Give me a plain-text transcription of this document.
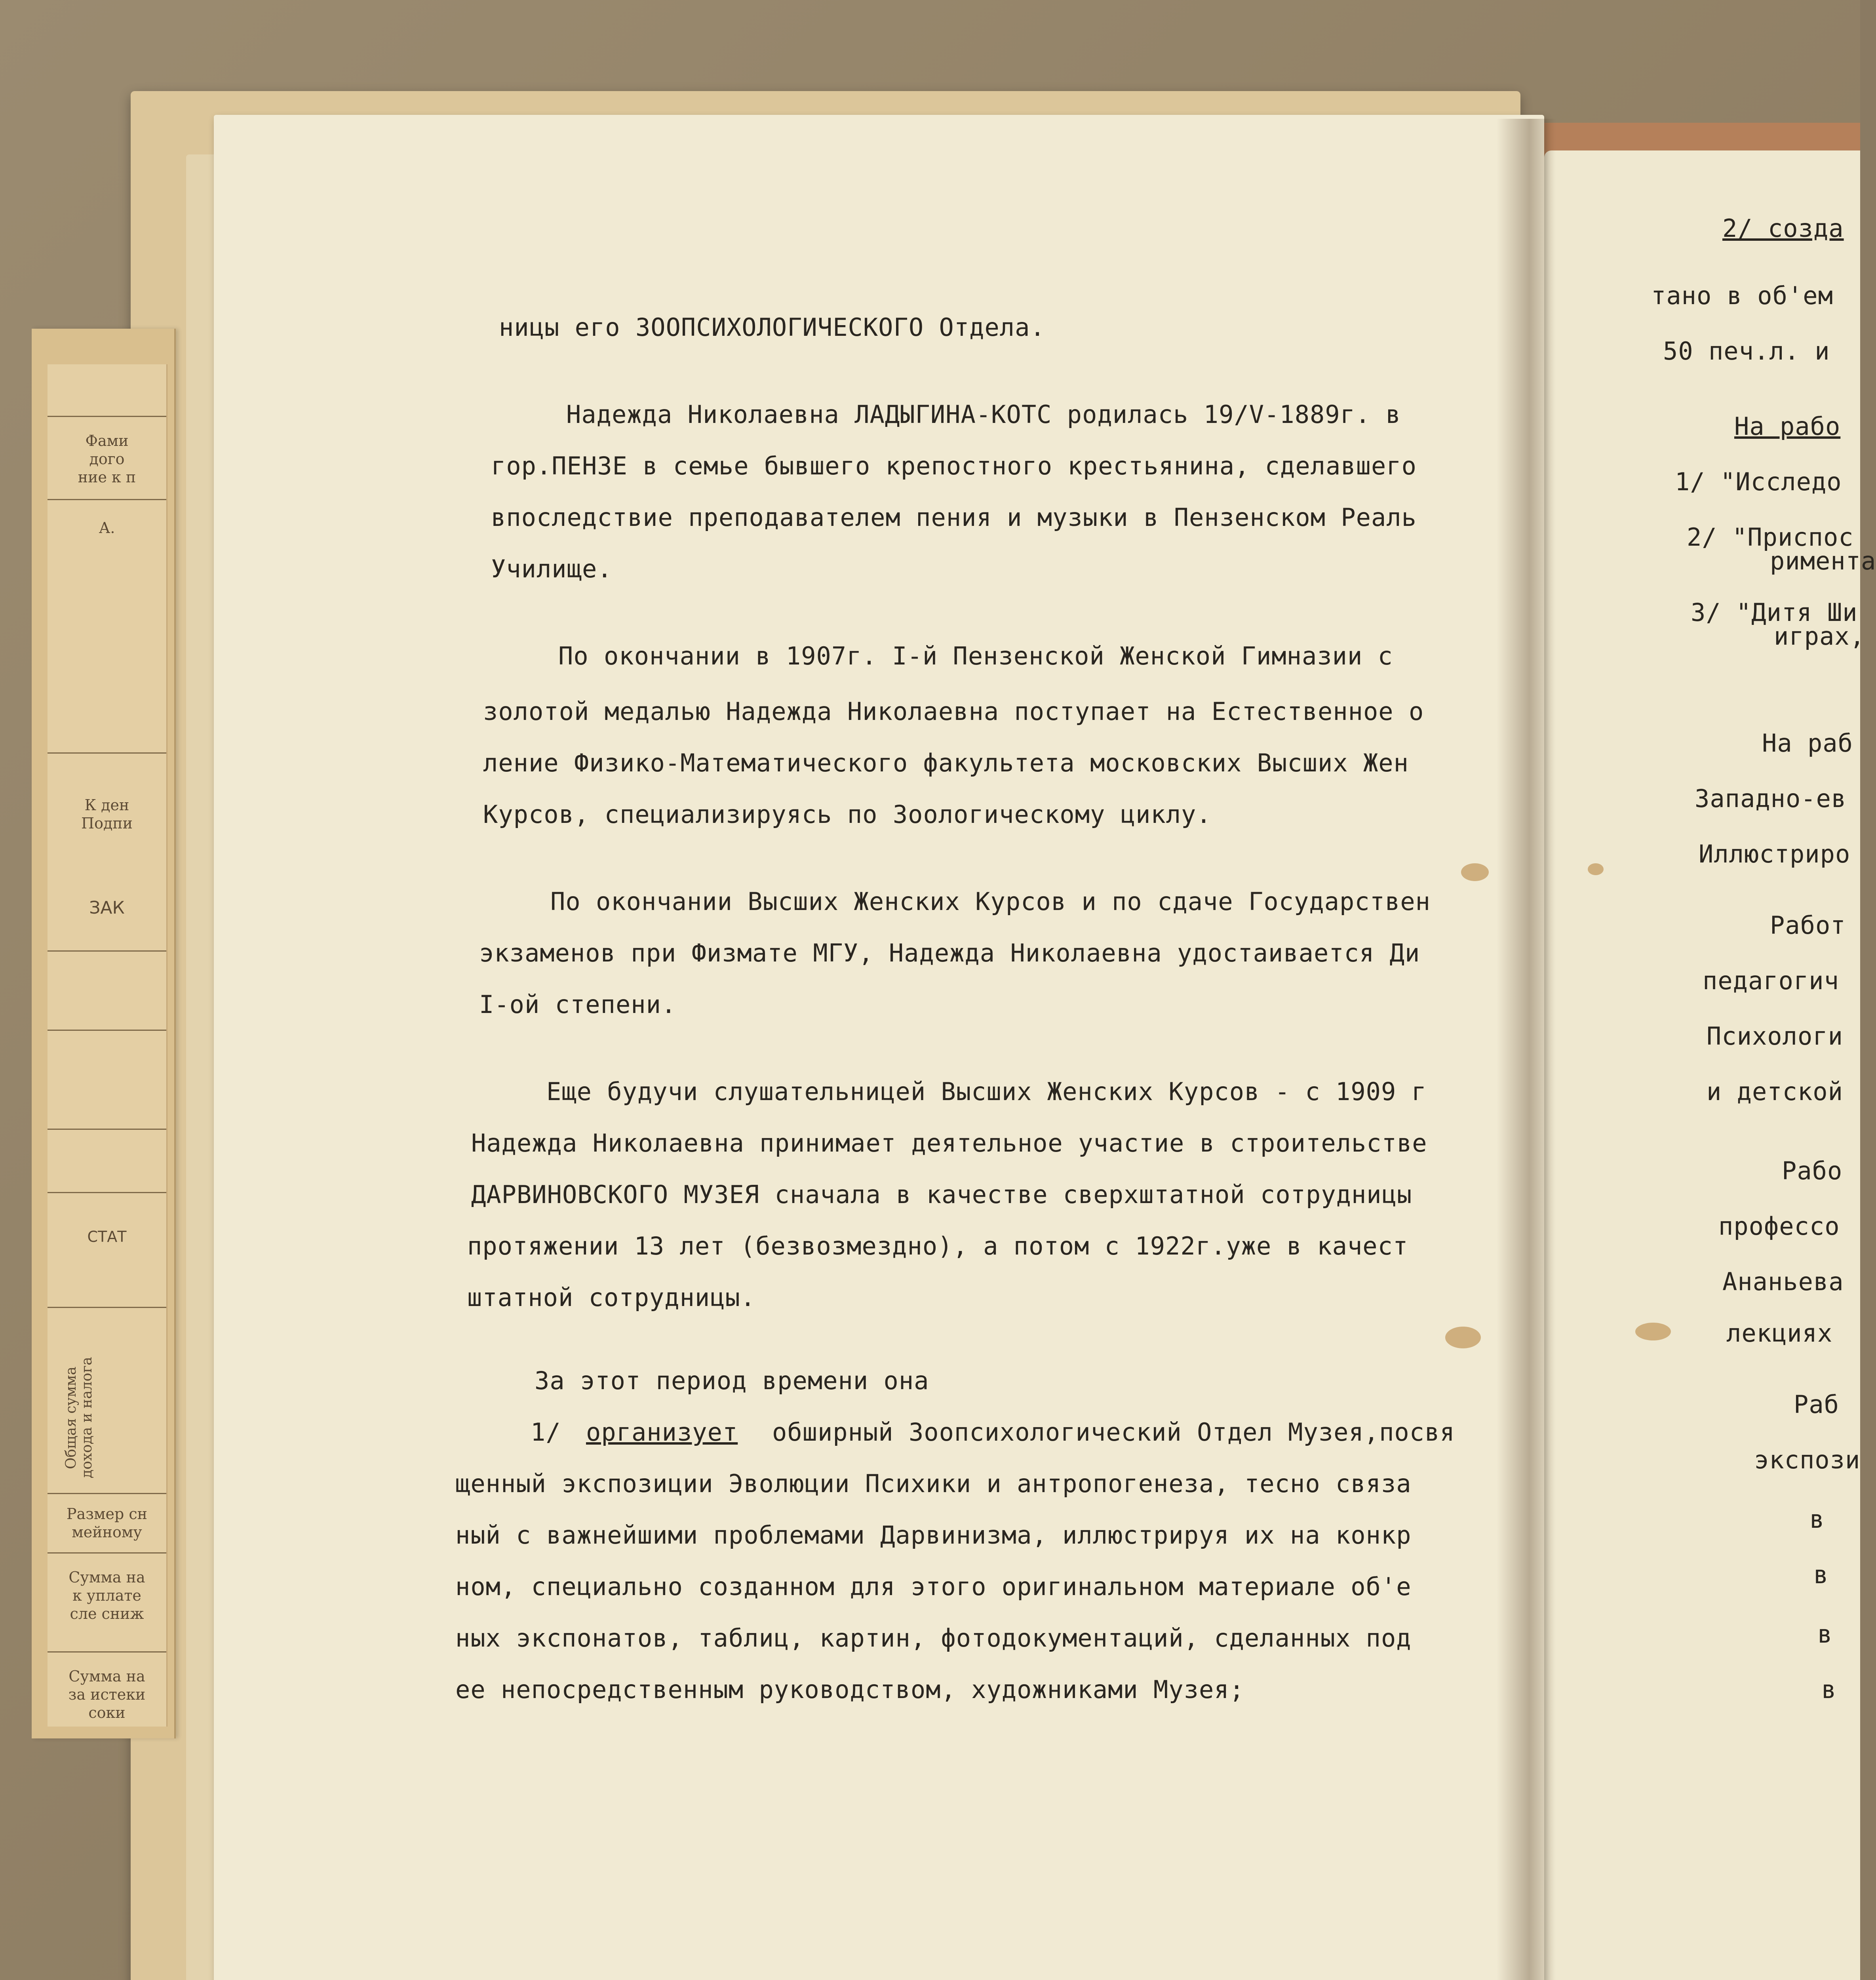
Фами
дого
ние к п
А.
К ден
Подпи
ЗАК
СТАТ
Общая сумма дохода и налога
Размер сн
мейному
Сумма на
к уплате
сле сниж
Сумма на
за истеки
соки
2/ созда
тано в об'ем
50 печ.л. и
На рабо
1/ "Исследо
2/ "Приспос
римента
3/ "Дитя Ши
играх,
На раб
Западно-ев
Иллюстриро
Работ
педагогич
Психологи
и детской
Рабо
профессо
Ананьева
лекциях
Раб
экспози
в
в
в
в
ницы его ЗООПСИХОЛОГИЧЕСКОГО Отдела.
Надежда Николаевна ЛАДЫГИНА-КОТС родилась 19/V-1889г. в
гор.ПЕНЗЕ в семье бывшего крепостного крестьянина, сделавшего
впоследствие преподавателем пения и музыки в Пензенском Реаль
Училище.
По окончании в 1907г. I-й Пензенской Женской Гимназии с
золотой медалью Надежда Николаевна поступает на Естественное о
ление Физико-Математического факультета московских Высших Жен
Курсов, специализируясь по Зоологическому циклу.
По окончании Высших Женских Курсов и по сдаче Государствен
экзаменов при Физмате МГУ, Надежда Николаевна удостаивается Ди
I-ой степени.
Еще будучи слушательницей Высших Женских Курсов - с 1909 г
Надежда Николаевна принимает деятельное участие в строительстве
ДАРВИНОВСКОГО МУЗЕЯ сначала в качестве сверхштатной сотрудницы
протяжении 13 лет (безвозмездно), а потом с 1922г.уже в качест
штатной сотрудницы.
За этот период времени она
1/ организует обширный Зоопсихологический Отдел Музея,посвя
щенный экспозиции Эволюции Психики и антропогенеза, тесно связа
ный с важнейшими проблемами Дарвинизма, иллюстрируя их на конкр
ном, специально созданном для этого оригинальном материале об'е
ных экспонатов, таблиц, картин, фотодокументаций, сделанных под
ее непосредственным руководством, художниками Музея;
